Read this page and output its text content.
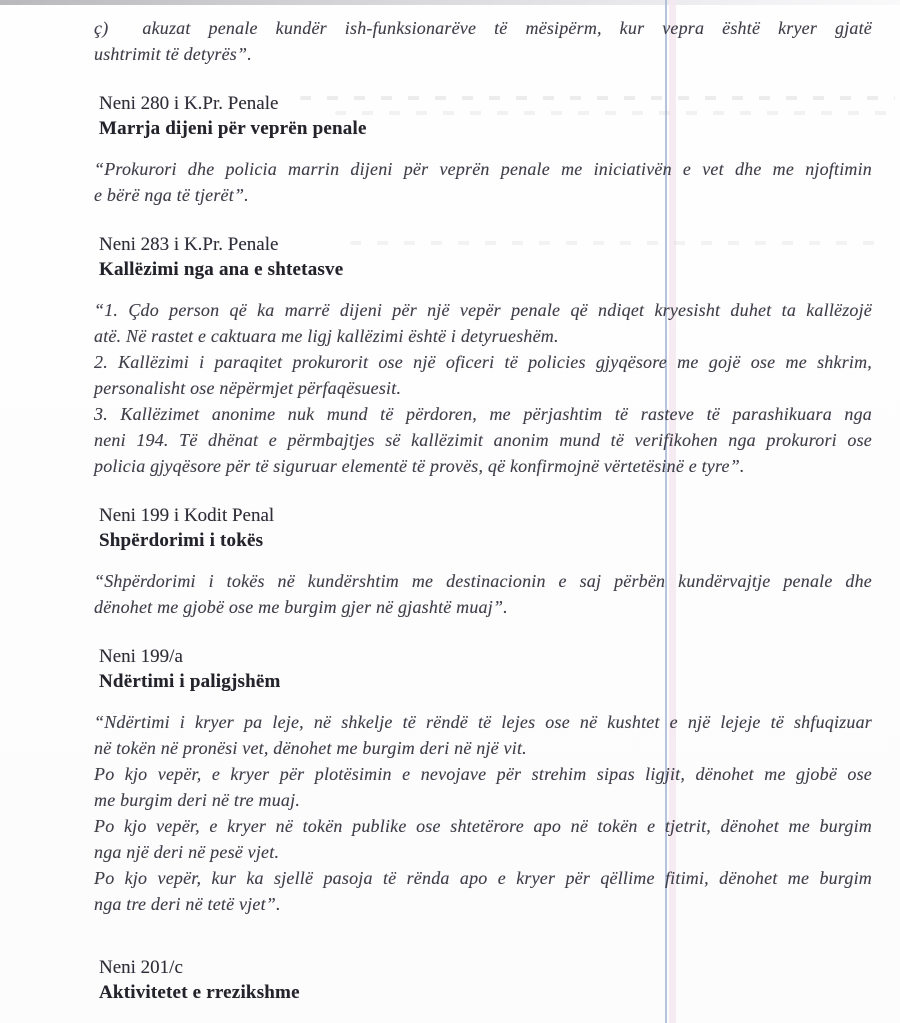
ç) akuzat penale kundër ish-funksionarëve të mësipërm, kur vepra është kryer gjatë
ushtrimit të detyrës”.
Neni 280 i K.Pr. Penale
Marrja dijeni për veprën penale
“Prokurori dhe policia marrin dijeni për veprën penale me iniciativën e vet dhe me njoftimin
e bërë nga të tjerët”.
Neni 283 i K.Pr. Penale
Kallëzimi nga ana e shtetasve
“1. Çdo person që ka marrë dijeni për një vepër penale që ndiqet kryesisht duhet ta kallëzojë
atë. Në rastet e caktuara me ligj kallëzimi është i detyrueshëm.
2. Kallëzimi i paraqitet prokurorit ose një oficeri të policies gjyqësore me gojë ose me shkrim,
personalisht ose nëpërmjet përfaqësuesit.
3. Kallëzimet anonime nuk mund të përdoren, me përjashtim të rasteve të parashikuara nga
neni 194. Të dhënat e përmbajtjes së kallëzimit anonim mund të verifikohen nga prokurori ose
policia gjyqësore për të siguruar elementë të provës, që konfirmojnë vërtetësinë e tyre”.
Neni 199 i Kodit Penal
Shpërdorimi i tokës
“Shpërdorimi i tokës në kundërshtim me destinacionin e saj përbën kundërvajtje penale dhe
dënohet me gjobë ose me burgim gjer në gjashtë muaj”.
Neni 199/a
Ndërtimi i paligjshëm
“Ndërtimi i kryer pa leje, në shkelje të rëndë të lejes ose në kushtet e një lejeje të shfuqizuar
në tokën në pronësi vet, dënohet me burgim deri në një vit.
Po kjo vepër, e kryer për plotësimin e nevojave për strehim sipas ligjit, dënohet me gjobë ose
me burgim deri në tre muaj.
Po kjo vepër, e kryer në tokën publike ose shtetërore apo në tokën e tjetrit, dënohet me burgim
nga një deri në pesë vjet.
Po kjo vepër, kur ka sjellë pasoja të rënda apo e kryer për qëllime fitimi, dënohet me burgim
nga tre deri në tetë vjet”.
Neni 201/c
Aktivitetet e rrezikshme
